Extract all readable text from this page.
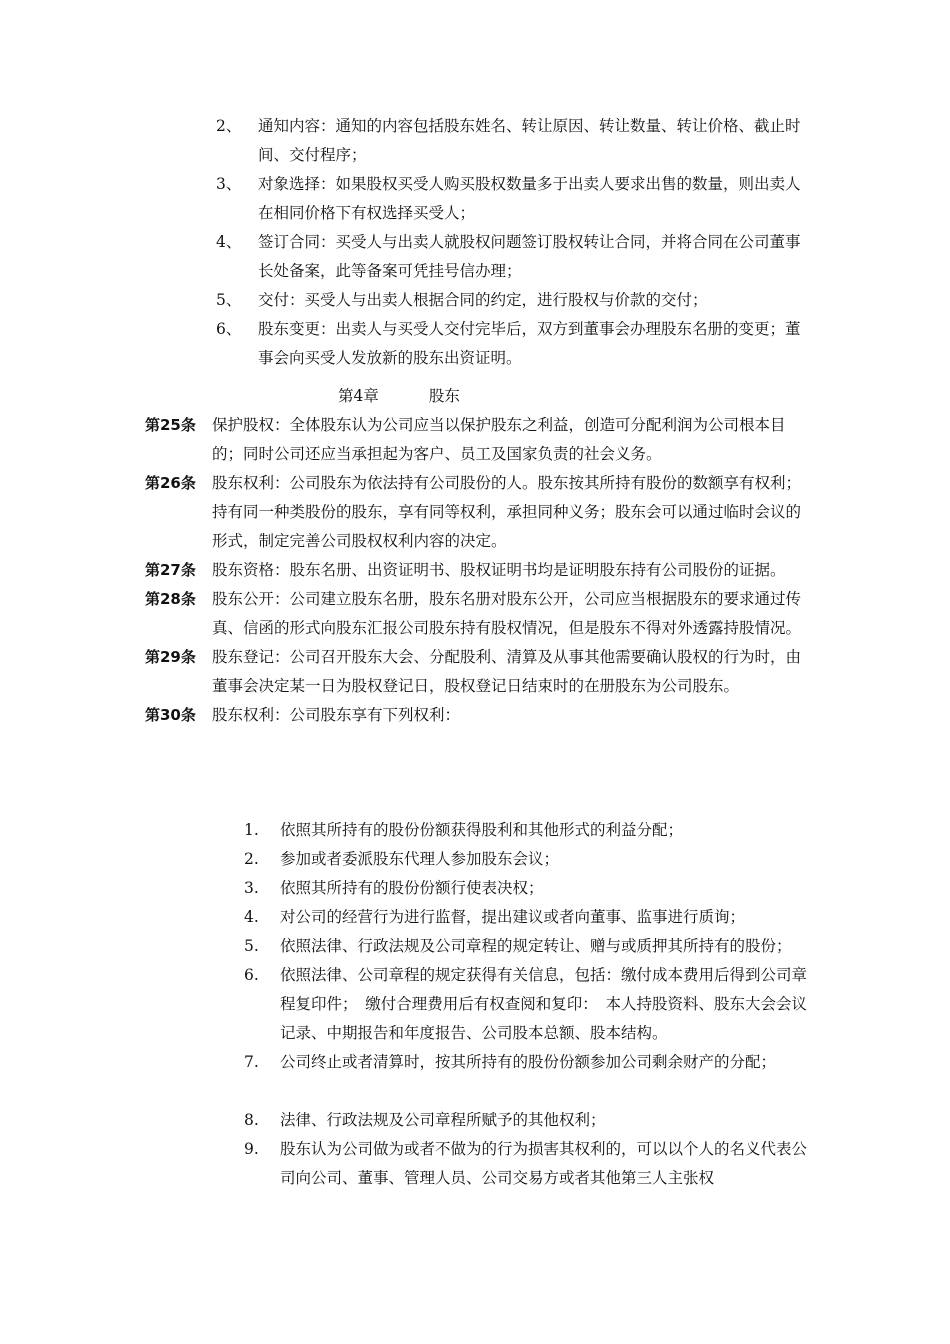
2、	通知内容：通知的内容包括股东姓名、转让原因、转让数量、转让价格、截止时间、交付程序；
3、	对象选择：如果股权买受人购买股权数量多于出卖人要求出售的数量，则出卖人在相同价格下有权选择买受人；
4、	签订合同：买受人与出卖人就股权问题签订股权转让合同，并将合同在公司董事长处备案，此等备案可凭挂号信办理；
5、	交付：买受人与出卖人根据合同的约定，进行股权与价款的交付；
6、	股东变更：出卖人与买受人交付完毕后，双方到董事会办理股东名册的变更；董事会向买受人发放新的股东出资证明。
第4章	股东
第25条	保护股权：全体股东认为公司应当以保护股东之利益，创造可分配利润为公司根本目的；同时公司还应当承担起为客户、员工及国家负责的社会义务。
第26条	股东权利：公司股东为依法持有公司股份的人。股东按其所持有股份的数额享有权利；持有同一种类股份的股东，享有同等权利，承担同种义务；股东会可以通过临时会议的形式，制定完善公司股权权利内容的决定。
第27条	股东资格：股东名册、出资证明书、股权证明书均是证明股东持有公司股份的证据。
第28条	股东公开：公司建立股东名册，股东名册对股东公开，公司应当根据股东的要求通过传真、信函的形式向股东汇报公司股东持有股权情况，但是股东不得对外透露持股情况。
第29条	股东登记：公司召开股东大会、分配股利、清算及从事其他需要确认股权的行为时，由董事会决定某一日为股权登记日，股权登记日结束时的在册股东为公司股东。
第30条	股东权利：公司股东享有下列权利：
1.	依照其所持有的股份份额获得股利和其他形式的利益分配；
2.	参加或者委派股东代理人参加股东会议；
3.	依照其所持有的股份份额行使表决权；
4.	对公司的经营行为进行监督，提出建议或者向董事、监事进行质询；
5.	依照法律、行政法规及公司章程的规定转让、赠与或质押其所持有的股份；
6.	依照法律、公司章程的规定获得有关信息，包括：缴付成本费用后得到公司章程复印件；　缴付合理费用后有权查阅和复印：　本人持股资料、股东大会会议记录、中期报告和年度报告、公司股本总额、股本结构。
7.	公司终止或者清算时，按其所持有的股份份额参加公司剩余财产的分配；
8.	法律、行政法规及公司章程所赋予的其他权利；
9.	股东认为公司做为或者不做为的行为损害其权利的，可以以个人的名义代表公司向公司、董事、管理人员、公司交易方或者其他第三人主张权
